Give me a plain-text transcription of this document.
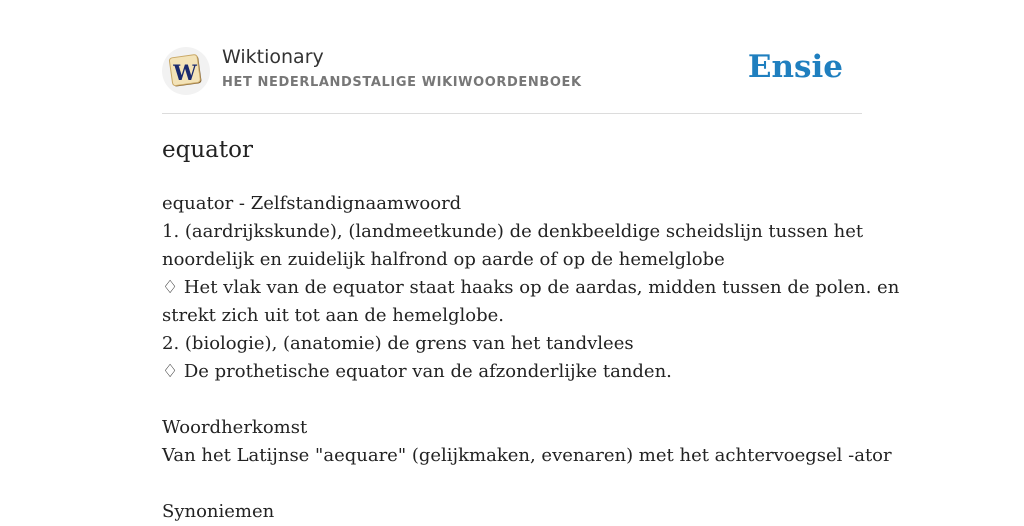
W
Wiktionary
HET NEDERLANDSTALIGE WIKIWOORDENBOEK	Ensie
equator
equator - Zelfstandignaamwoord
1. (aardrijkskunde), (landmeetkunde) de denkbeeldige scheidslijn tussen het
noordelijk en zuidelijk halfrond op aarde of op de hemelglobe
♢ Het vlak van de equator staat haaks op de aardas, midden tussen de polen. en
strekt zich uit tot aan de hemelglobe.
2. (biologie), (anatomie) de grens van het tandvlees
♢ De prothetische equator van de afzonderlijke tanden.
Woordherkomst
Van het Latijnse "aequare" (gelijkmaken, evenaren) met het achtervoegsel -ator
Synoniemen
